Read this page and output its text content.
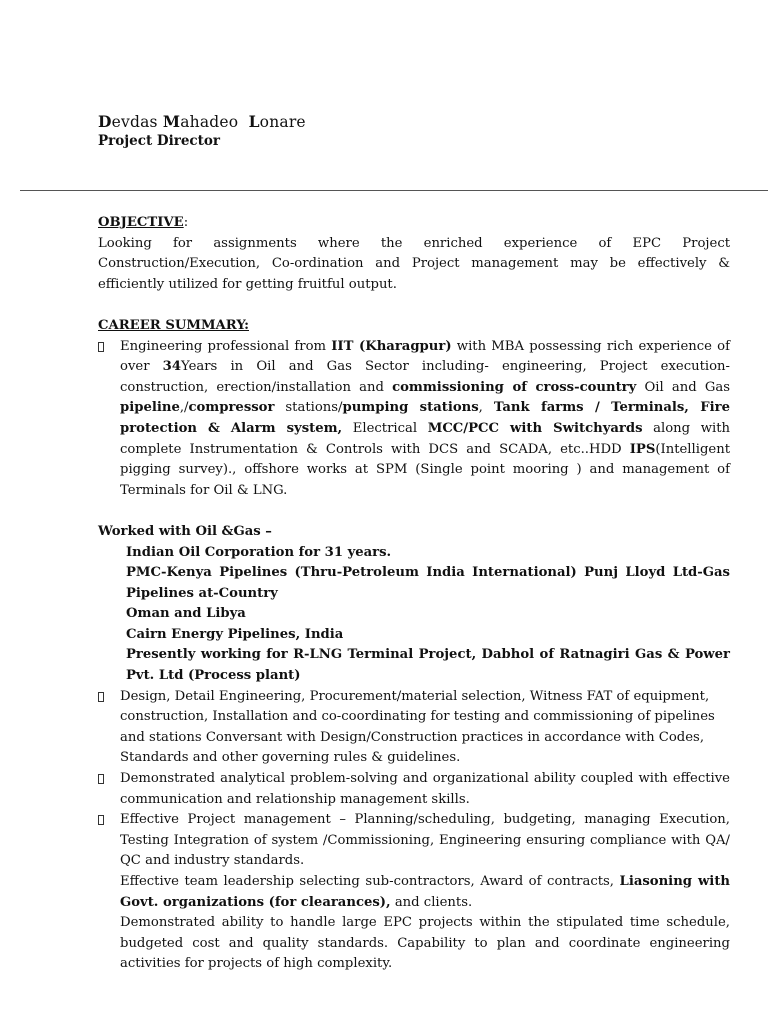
Devdas Mahadeo Lonare
Project Director
OBJECTIVE:
Looking for assignments where the enriched experience of EPC Project Construction/Execution, Co-ordination and Project management may be effectively & efficiently utilized for getting fruitful output.
CAREER SUMMARY:
Engineering professional from IIT (Kharagpur) with MBA possessing rich experience of over 34Years in Oil and Gas Sector including- engineering, Project execution- construction, erection/installation and commissioning of cross-country Oil and Gas pipeline,/compressor stations/pumping stations, Tank farms / Terminals, Fire protection & Alarm system, Electrical MCC/PCC with Switchyards along with complete Instrumentation & Controls with DCS and SCADA, etc..HDD IPS(Intelligent pigging survey)., offshore works at SPM (Single point mooring ) and management of Terminals for Oil & LNG.
Worked with Oil &Gas –
Indian Oil Corporation for 31 years.
PMC-Kenya Pipelines (Thru-Petroleum India International) Punj Lloyd Ltd-Gas Pipelines at-Country
Oman and Libya
Cairn Energy Pipelines, India
Presently working for R-LNG Terminal Project, Dabhol of Ratnagiri Gas & Power Pvt. Ltd (Process plant)
Design, Detail Engineering, Procurement/material selection, Witness FAT of equipment, construction, Installation and co-coordinating for testing and commissioning of pipelines and stations Conversant with Design/Construction practices in accordance with Codes, Standards and other governing rules & guidelines.
Demonstrated analytical problem-solving and organizational ability coupled with effective communication and relationship management skills.
Effective Project management – Planning/scheduling, budgeting, managing Execution, Testing Integration of system /Commissioning, Engineering ensuring compliance with QA/ QC and industry standards.
Effective team leadership selecting sub-contractors, Award of contracts, Liasoning with Govt. organizations (for clearances), and clients.
Demonstrated ability to handle large EPC projects within the stipulated time schedule, budgeted cost and quality standards. Capability to plan and coordinate engineering activities for projects of high complexity.
